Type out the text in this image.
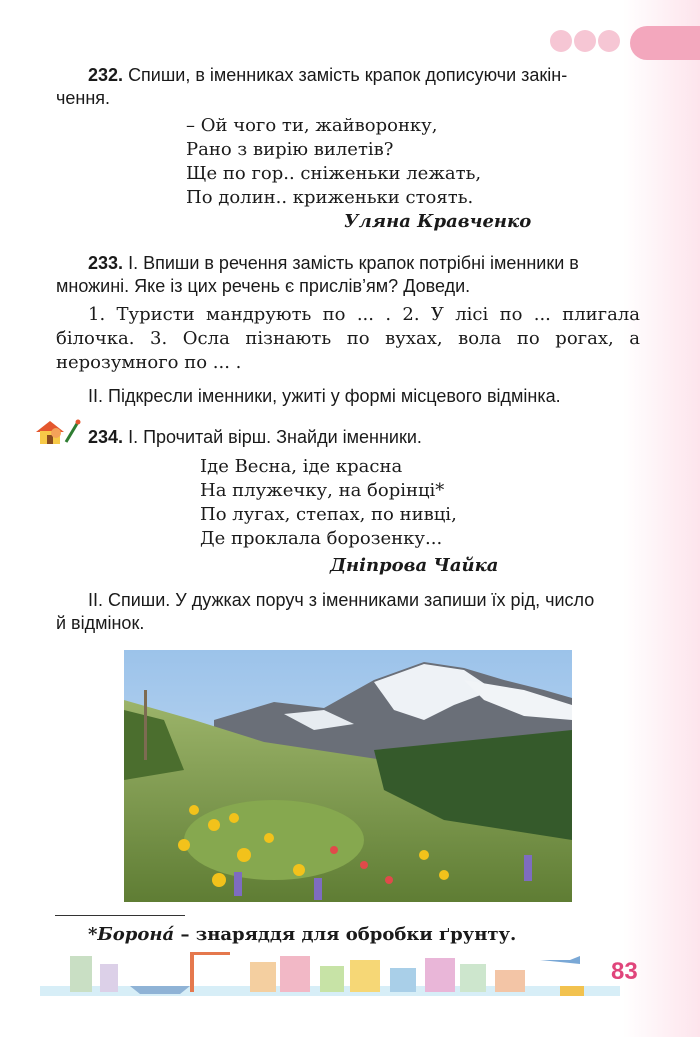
232. Спиши, в іменниках замість крапок дописуючи закін-
чення.
– Ой чого ти, жайворонку,
Рано з вирію вилетів?
Ще по гор.. сніженьки лежать,
По долин.. криженьки стоять.
Уляна Кравченко
233. І. Впиши в речення замість крапок потрібні іменники в
множині. Яке із цих речень є прислів’ям? Доведи.
1. Туристи мандрують по ... . 2. У лісі по ... плигала
білочка. 3. Осла пізнають по вухах, вола по рогах, а
нерозумного по ... .
ІІ. Підкресли іменники, ужиті у формі місцевого відмінка.
234. І. Прочитай вірш. Знайди іменники.
Іде Весна, іде красна
На плужечку, на борінці*
По лугах, степах, по нивці,
Де проклала борозенку...
Дніпрова Чайка
ІІ. Спиши. У дужках поруч з іменниками запиши їх рід, число
й відмінок.
*Борона́ – знаряддя для обробки ґрунту.
83
